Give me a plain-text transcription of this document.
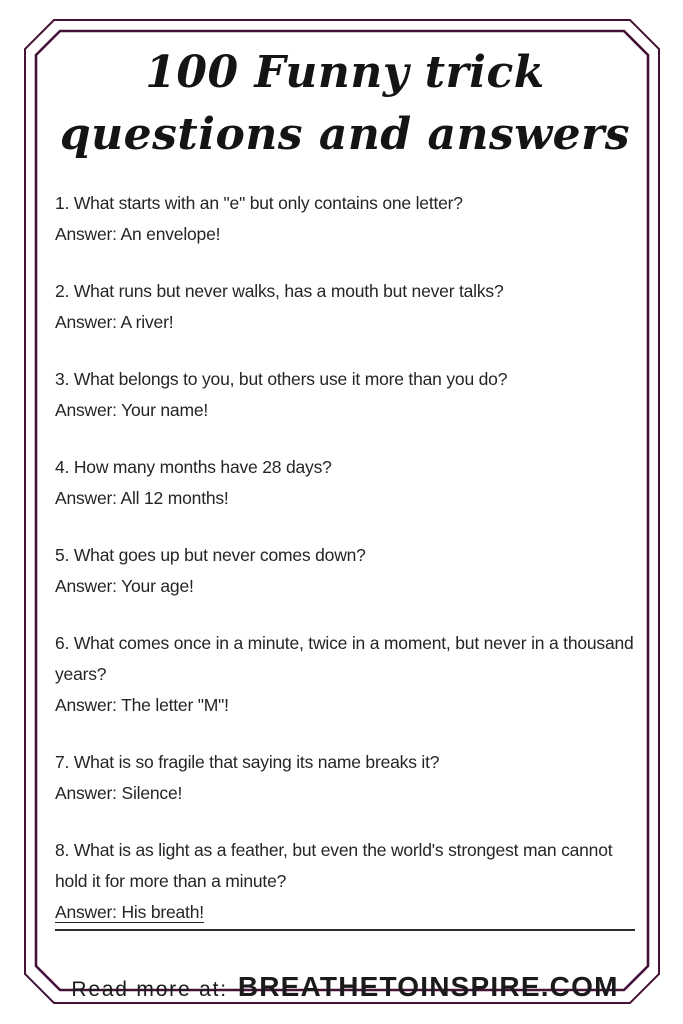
100 Funny trick
questions and answers

1. What starts with an "e" but only contains one letter?

Answer: An envelope!

2. What runs but never walks, has a mouth but never talks?

Answer: A river!

3. What belongs to you, but others use it more than you do?

Answer: Your name!

4. How many months have 28 days?

Answer: All 12 months!

5. What goes up but never comes down?

Answer: Your age!

6. What comes once in a minute, twice in a moment, but never in a thousand years?

Answer: The letter "M"!

7. What is so fragile that saying its name breaks it?

Answer: Silence!

8. What is as light as a feather, but even the world's strongest man cannot hold it for more than a minute?

Answer: His breath!

Read more at: BREATHETOINSPIRE.COM
